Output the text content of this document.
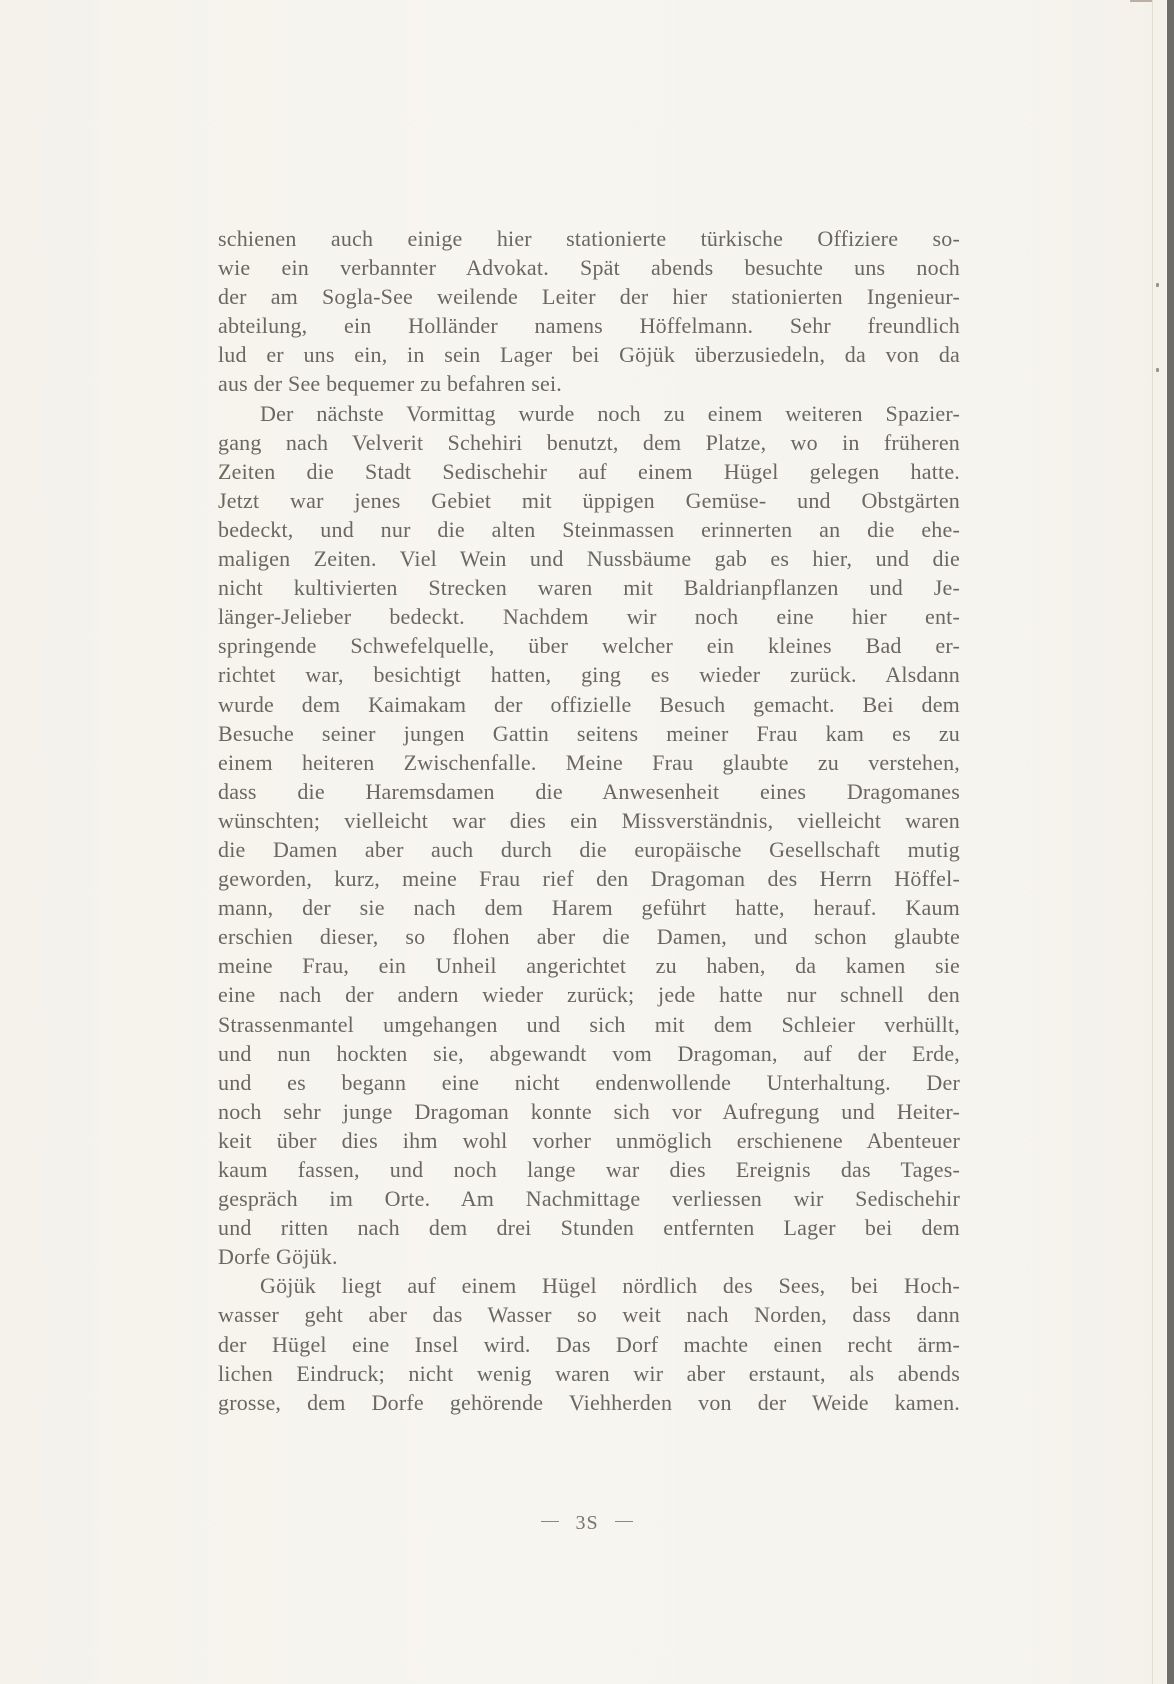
schienen auch einige hier stationierte türkische Offiziere so-
wie ein verbannter Advokat. Spät abends besuchte uns noch
der am Sogla-See weilende Leiter der hier stationierten Ingenieur-
abteilung, ein Holländer namens Höffelmann. Sehr freundlich
lud er uns ein, in sein Lager bei Göjük überzusiedeln, da von da
aus der See bequemer zu befahren sei.
Der nächste Vormittag wurde noch zu einem weiteren Spazier-
gang nach Velverit Schehiri benutzt, dem Platze, wo in früheren
Zeiten die Stadt Sedischehir auf einem Hügel gelegen hatte.
Jetzt war jenes Gebiet mit üppigen Gemüse- und Obstgärten
bedeckt, und nur die alten Steinmassen erinnerten an die ehe-
maligen Zeiten. Viel Wein und Nussbäume gab es hier, und die
nicht kultivierten Strecken waren mit Baldrianpflanzen und Je-
länger-Jelieber bedeckt. Nachdem wir noch eine hier ent-
springende Schwefelquelle, über welcher ein kleines Bad er-
richtet war, besichtigt hatten, ging es wieder zurück. Alsdann
wurde dem Kaimakam der offizielle Besuch gemacht. Bei dem
Besuche seiner jungen Gattin seitens meiner Frau kam es zu
einem heiteren Zwischenfalle. Meine Frau glaubte zu verstehen,
dass die Haremsdamen die Anwesenheit eines Dragomanes
wünschten; vielleicht war dies ein Missverständnis, vielleicht waren
die Damen aber auch durch die europäische Gesellschaft mutig
geworden, kurz, meine Frau rief den Dragoman des Herrn Höffel-
mann, der sie nach dem Harem geführt hatte, herauf. Kaum
erschien dieser, so flohen aber die Damen, und schon glaubte
meine Frau, ein Unheil angerichtet zu haben, da kamen sie
eine nach der andern wieder zurück; jede hatte nur schnell den
Strassenmantel umgehangen und sich mit dem Schleier verhüllt,
und nun hockten sie, abgewandt vom Dragoman, auf der Erde,
und es begann eine nicht endenwollende Unterhaltung. Der
noch sehr junge Dragoman konnte sich vor Aufregung und Heiter-
keit über dies ihm wohl vorher unmöglich erschienene Abenteuer
kaum fassen, und noch lange war dies Ereignis das Tages-
gespräch im Orte. Am Nachmittage verliessen wir Sedischehir
und ritten nach dem drei Stunden entfernten Lager bei dem
Dorfe Göjük.
Göjük liegt auf einem Hügel nördlich des Sees, bei Hoch-
wasser geht aber das Wasser so weit nach Norden, dass dann
der Hügel eine Insel wird. Das Dorf machte einen recht ärm-
lichen Eindruck; nicht wenig waren wir aber erstaunt, als abends
grosse, dem Dorfe gehörende Viehherden von der Weide kamen.
3S
